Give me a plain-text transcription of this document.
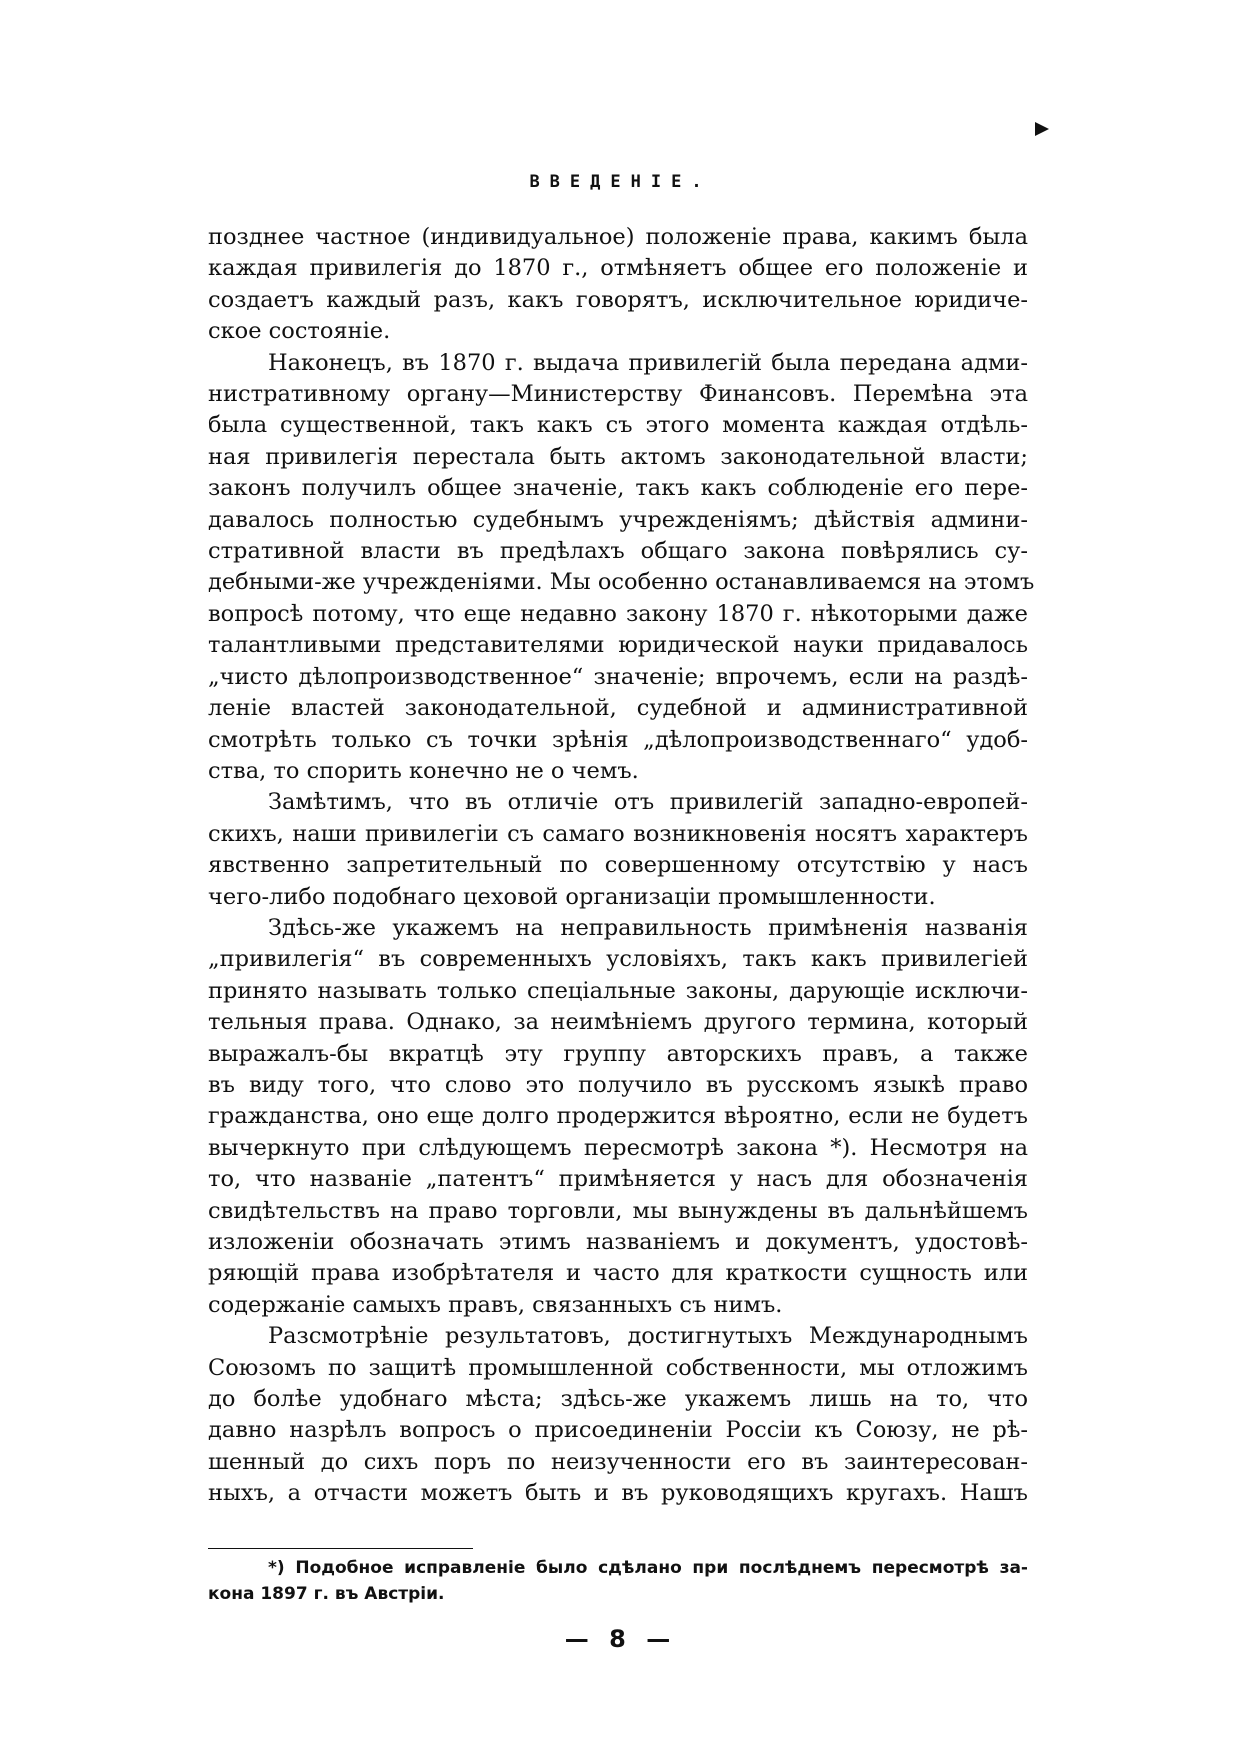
ВВЕДЕНІЕ.

позднее частное (индивидуальное) положеніе права, какимъ была
каждая привилегія до 1870 г., отмѣняетъ общее его положеніе и
создаетъ каждый разъ, какъ говорятъ, исключительное юридиче-
ское состояніе.

Наконецъ, въ 1870 г. выдача привилегій была передана адми-
нистративному органу—Министерству Финансовъ. Перемѣна эта
была существенной, такъ какъ съ этого момента каждая отдѣль-
ная привилегія перестала быть актомъ законодательной власти;
законъ получилъ общее значеніе, такъ какъ соблюденіе его пере-
давалось полностью судебнымъ учрежденіямъ; дѣйствія админи-
стративной власти въ предѣлахъ общаго закона повѣрялись су-
дебными-же учрежденіями. Мы особенно останавливаемся на этомъ
вопросѣ потому, что еще недавно закону 1870 г. нѣкоторыми даже
талантливыми представителями юридической науки придавалось
„чисто дѣлопроизводственное“ значеніе; впрочемъ, если на раздѣ-
леніе властей законодательной, судебной и административной
смотрѣть только съ точки зрѣнія „дѣлопроизводственнаго“ удоб-
ства, то спорить конечно не о чемъ.

Замѣтимъ, что въ отличіе отъ привилегій западно-европей-
скихъ, наши привилегіи съ самаго возникновенія носятъ характеръ
явственно запретительный по совершенному отсутствію у насъ
чего-либо подобнаго цеховой организаціи промышленности.

Здѣсь-же укажемъ на неправильность примѣненія названія
„привилегія“ въ современныхъ условіяхъ, такъ какъ привилегіей
принято называть только спеціальные законы, дарующіе исключи-
тельныя права. Однако, за неимѣніемъ другого термина, который
выражалъ-бы вкратцѣ эту группу авторскихъ правъ, а также
въ виду того, что слово это получило въ русскомъ языкѣ право
гражданства, оно еще долго продержится вѣроятно, если не будетъ
вычеркнуто при слѣдующемъ пересмотрѣ закона *). Несмотря на
то, что названіе „патентъ“ примѣняется у насъ для обозначенія
свидѣтельствъ на право торговли, мы вынуждены въ дальнѣйшемъ
изложеніи обозначать этимъ названіемъ и документъ, удостовѣ-
ряющій права изобрѣтателя и часто для краткости сущность или
содержаніе самыхъ правъ, связанныхъ съ нимъ.

Разсмотрѣніе результатовъ, достигнутыхъ Международнымъ
Союзомъ по защитѣ промышленной собственности, мы отложимъ
до болѣе удобнаго мѣста; здѣсь-же укажемъ лишь на то, что
давно назрѣлъ вопросъ о присоединеніи Россіи къ Союзу, не рѣ-
шенный до сихъ поръ по неизученности его въ заинтересован-
ныхъ, а отчасти можетъ быть и въ руководящихъ кругахъ. Нашъ

*) Подобное исправленіе было сдѣлано при послѣднемъ пересмотрѣ за-
кона 1897 г. въ Австріи.
— 8 —
